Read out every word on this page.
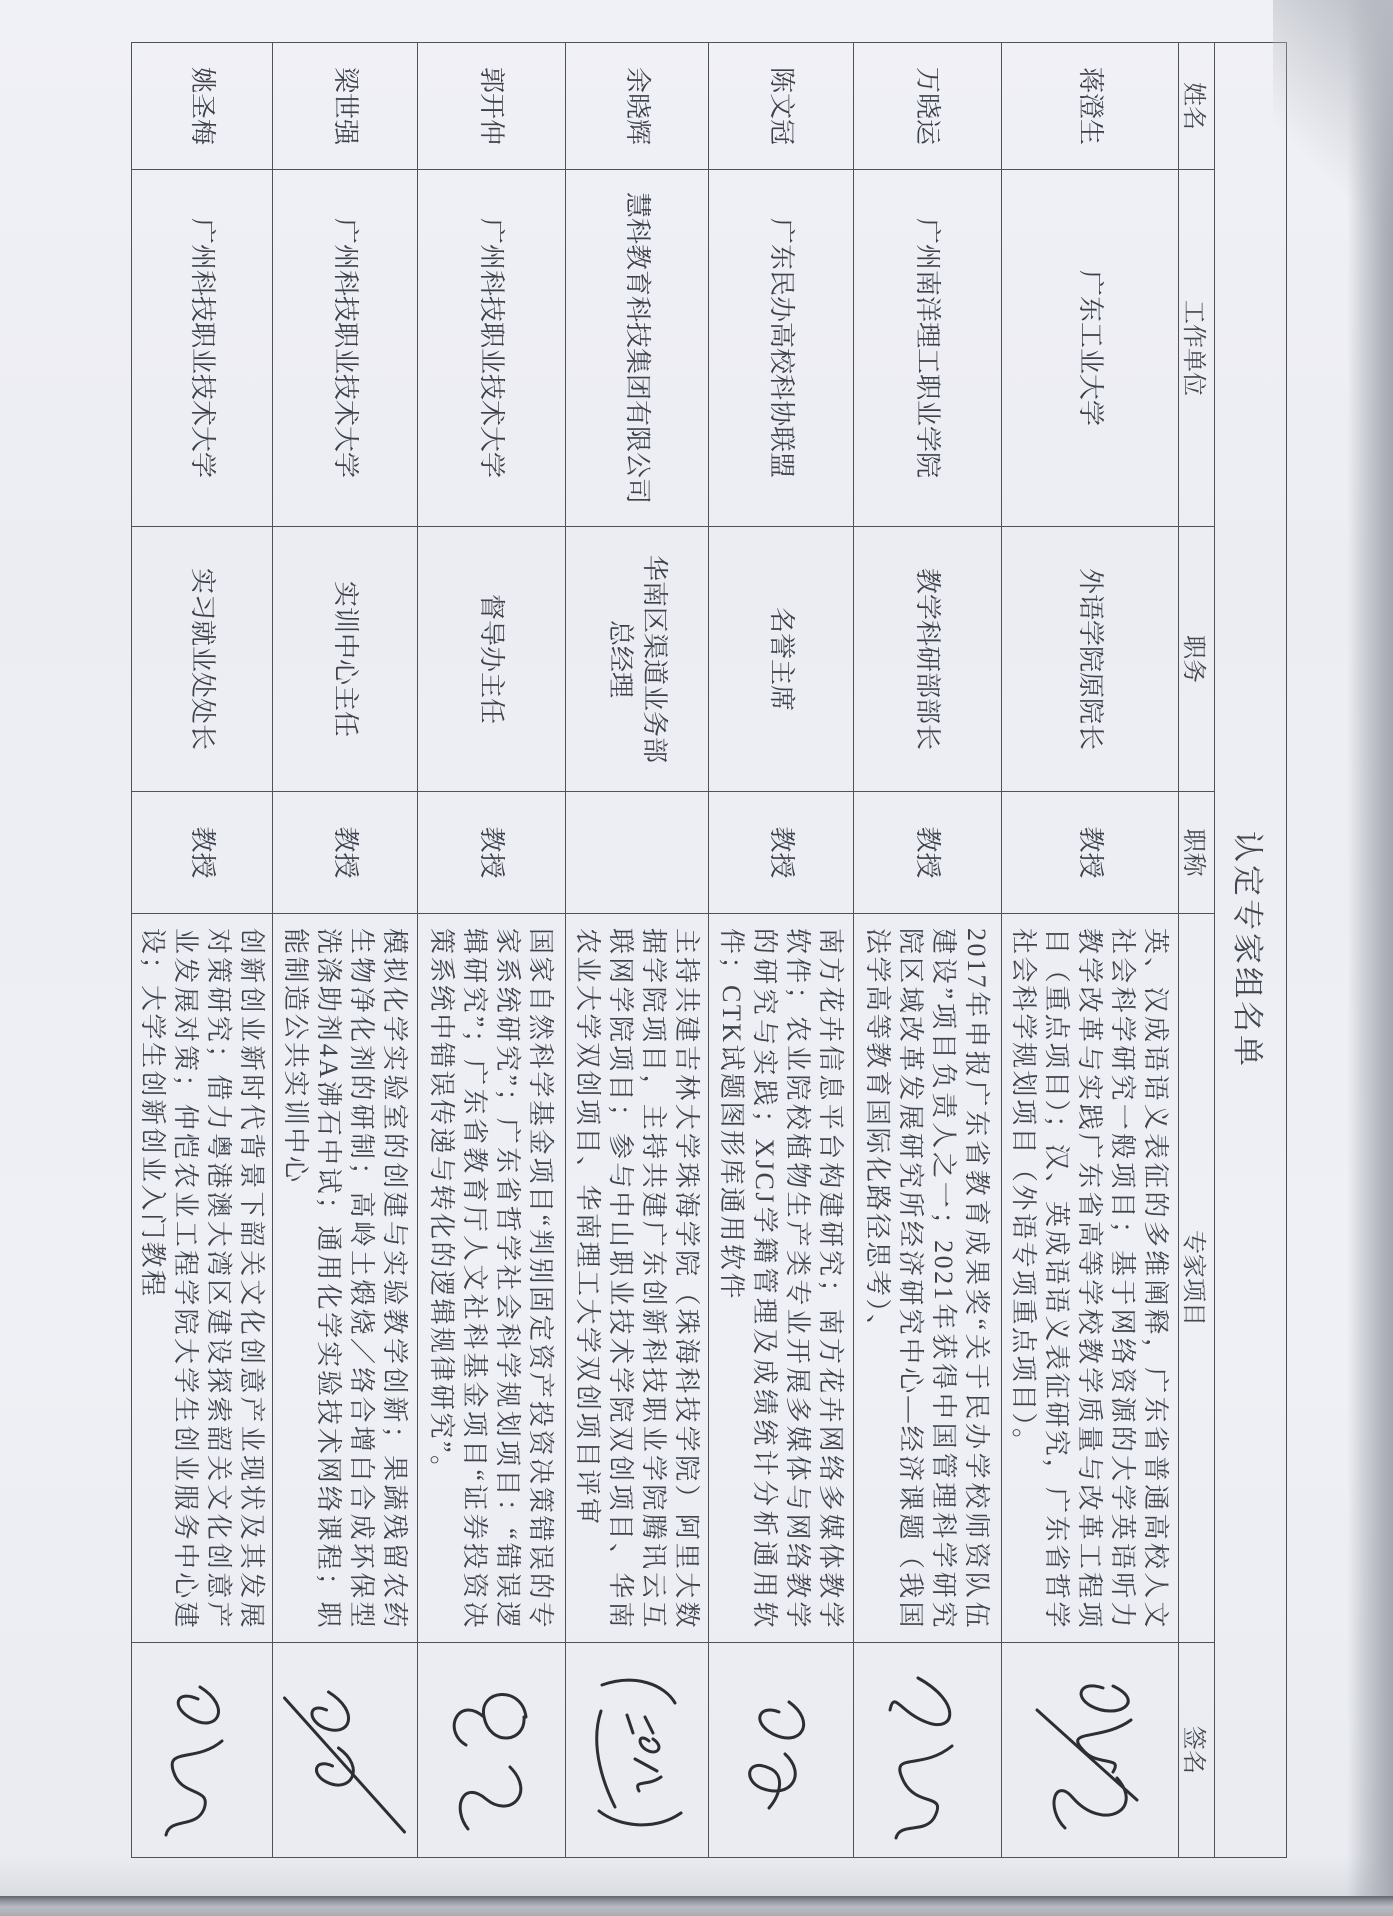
认定专家组名单					
姓名	工作单位	职务	职称	专家项目	签名
蒋澄生	广东工业大学	外语学院原院长	教授	英、汉成语语义表征的多维阐释，广东省普通高校人文社会科学研究一般项目；基于网络资源的大学英语听力教学改革与实践广东省高等学校教学质量与改革工程项目（重点项目）；汉、英成语语义表征研究，广东省哲学社会科学规划项目（外语专项重点项目）。	

万晓运	广州南洋理工职业学院	教学科研部部长	教授	2017年申报广东省教育成果奖“关于民办学校师资队伍建设”项目负责人之一；2021年获得中国管理科学研究院区域改革发展研究所经济研究中心—经济课题（我国法学高等教育国际化路径思考）、	

陈文冠	广东民办高校科协联盟	名誉主席	教授	南方花卉信息平台构建研究；南方花卉网络多媒体教学软件；农业院校植物生产类专业开展多媒体与网络教学的研究与实践；XJCJ学籍管理及成绩统计分析通用软件；CTK试题图形库通用软件	

余晓辉	慧科教育科技集团有限公司	华南区渠道业务部总经理		主持共建吉林大学珠海学院（珠海科技学院）阿里大数据学院项目，主持共建广东创新科技职业学院腾讯云互联网学院项目；参与中山职业技术学院双创项目、华南农业大学双创项目、华南理工大学双创项目评审	

郭开仲	广州科技职业技术大学	督导办主任	教授	国家自然科学基金项目“判别固定资产投资决策错误的专家系统研究”；广东省哲学社会科学规划项目：“错误逻辑研究”；广东省教育厅人文社科基金项目“证券投资决策系统中错误传递与转化的逻辑规律研究”。	

梁世强	广州科技职业技术大学	实训中心主任	教授	模拟化学实验室的创建与实验教学创新；果蔬残留农药生物净化剂的研制；高岭土煅烧／络合增白合成环保型洗涤助剂4A沸石中试；通用化学实验技术网络课程；职能制造公共实训中心	

姚圣梅	广州科技职业技术大学	实习就业处处长	教授	创新创业新时代背景下韶关文化创意产业现状及其发展对策研究；借力粤港澳大湾区建设探索韶关文化创意产业发展对策；仲恺农业工程学院大学生创业服务中心建设；大学生创新创业入门教程	
